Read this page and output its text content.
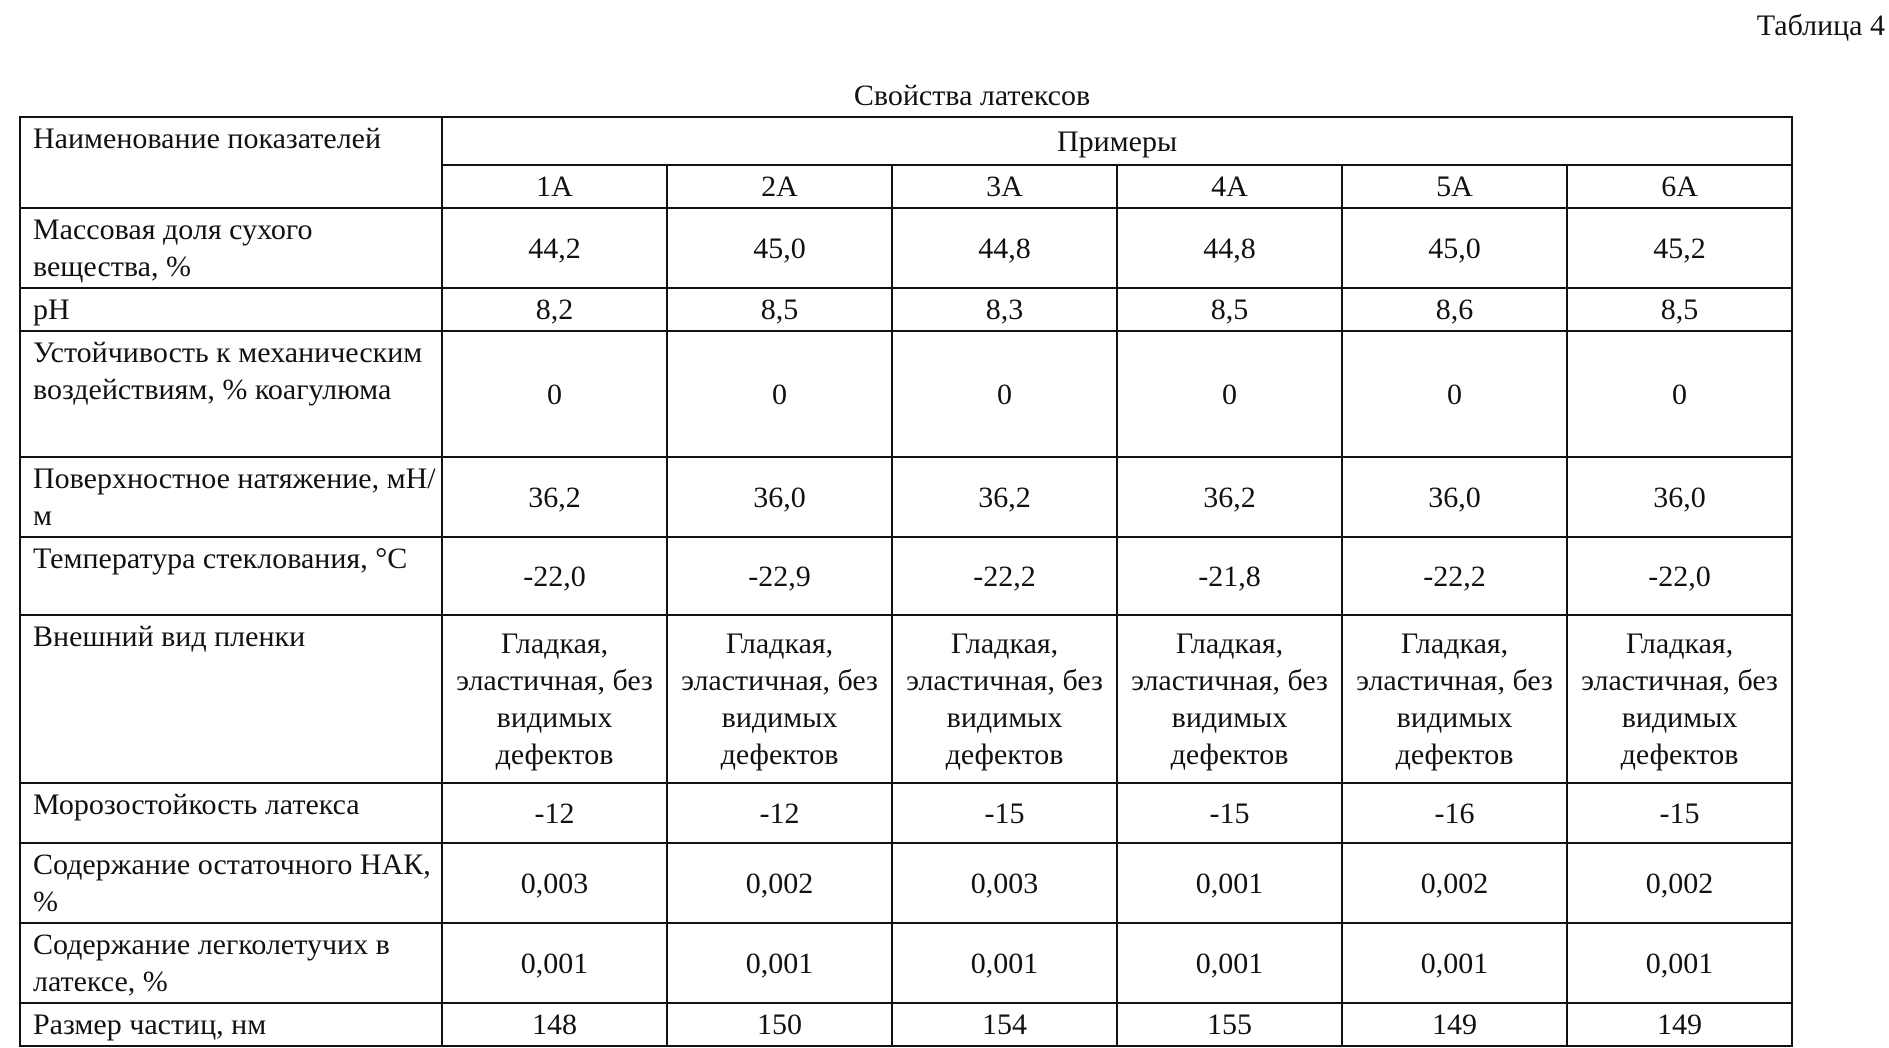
Таблица 4
Свойства латексов
Наименование показателей	Примеры					
	1А	2А	3А	4А	5А	6А
Массовая доля сухого вещества, %	44,2	45,0	44,8	44,8	45,0	45,2
pH	8,2	8,5	8,3	8,5	8,6	8,5
Устойчивость к механическим воздействиям, % коагулюма	0	0	0	0	0	0
Поверхностное натяжение, мН/м	36,2	36,0	36,2	36,2	36,0	36,0
Температура стеклования, °С	-22,0	-22,9	-22,2	-21,8	-22,2	-22,0
Внешний вид пленки	Гладкая, эластичная, без видимых дефектов	Гладкая, эластичная, без видимых дефектов	Гладкая, эластичная, без видимых дефектов	Гладкая, эластичная, без видимых дефектов	Гладкая, эластичная, без видимых дефектов	Гладкая, эластичная, без видимых дефектов
Морозостойкость латекса	-12	-12	-15	-15	-16	-15
Содержание остаточного НАК, %	0,003	0,002	0,003	0,001	0,002	0,002
Содержание легколетучих в латексе, %	0,001	0,001	0,001	0,001	0,001	0,001
Размер частиц, нм	148	150	154	155	149	149
